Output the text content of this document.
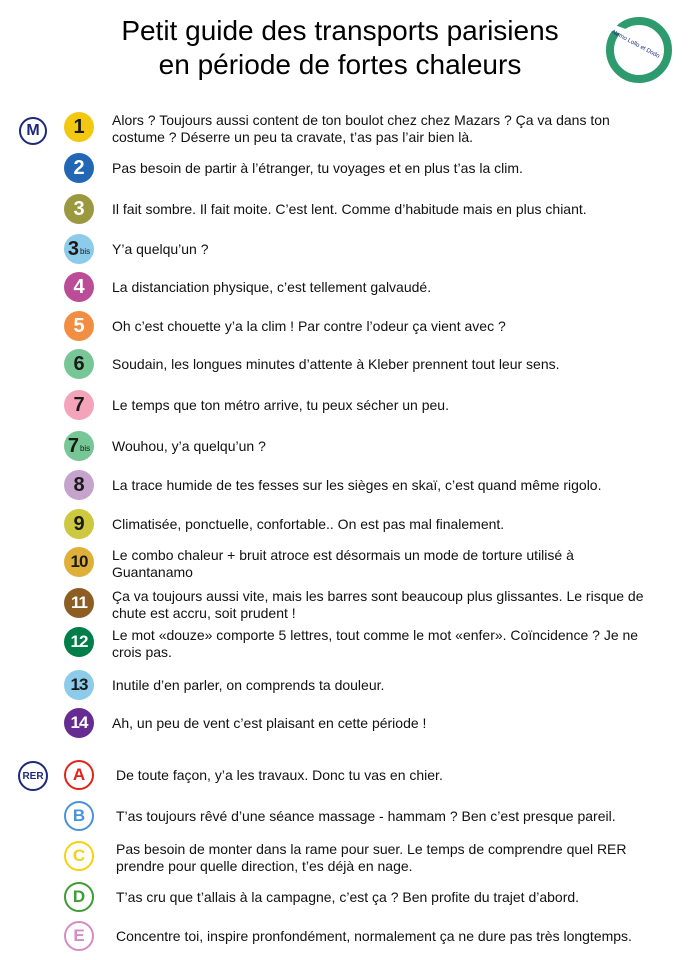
Petit guide des transports parisiens
en période de fortes chaleurs
Nemo Lollo et Dodo
M
RER
1 Alors ? Toujours aussi content de ton boulot chez chez Mazars ? Ça va dans ton costume ? Déserre un peu ta cravate, t’as pas l’air bien là.
2 Pas besoin de partir à l’étranger, tu voyages et en plus t’as la clim.
3 Il fait sombre. Il fait moite. C’est lent. Comme d’habitude mais en plus chiant.
3 bis Y’a quelqu’un ?
4 La distanciation physique, c’est tellement galvaudé.
5 Oh c’est chouette y’a la clim ! Par contre l’odeur ça vient avec ?
6 Soudain, les longues minutes d’attente à Kleber prennent tout leur sens.
7 Le temps que ton métro arrive, tu peux sécher un peu.
7 bis Wouhou, y’a quelqu’un ?
8 La trace humide de tes fesses sur les sièges en skaï, c’est quand même rigolo.
9 Climatisée, ponctuelle, confortable.. On est pas mal finalement.
10 Le combo chaleur + bruit atroce est désormais un mode de torture utilisé à Guantanamo
11 Ça va toujours aussi vite, mais les barres sont beaucoup plus glissantes. Le risque de chute est accru, soit prudent !
12 Le mot «douze» comporte 5 lettres, tout comme le mot «enfer». Coïncidence ? Je ne crois pas.
13 Inutile d’en parler, on comprends ta douleur.
14 Ah, un peu de vent c’est plaisant en cette période !
A De toute façon, y’a les travaux. Donc tu vas en chier.
B T’as toujours rêvé d’une séance massage - hammam ? Ben c’est presque pareil.
C Pas besoin de monter dans la rame pour suer. Le temps de comprendre quel RER prendre pour quelle direction, t’es déjà en nage.
D T’as cru que t’allais à la campagne, c’est ça ? Ben profite du trajet d’abord.
E Concentre toi, inspire pronfondément, normalement ça ne dure pas très longtemps.
